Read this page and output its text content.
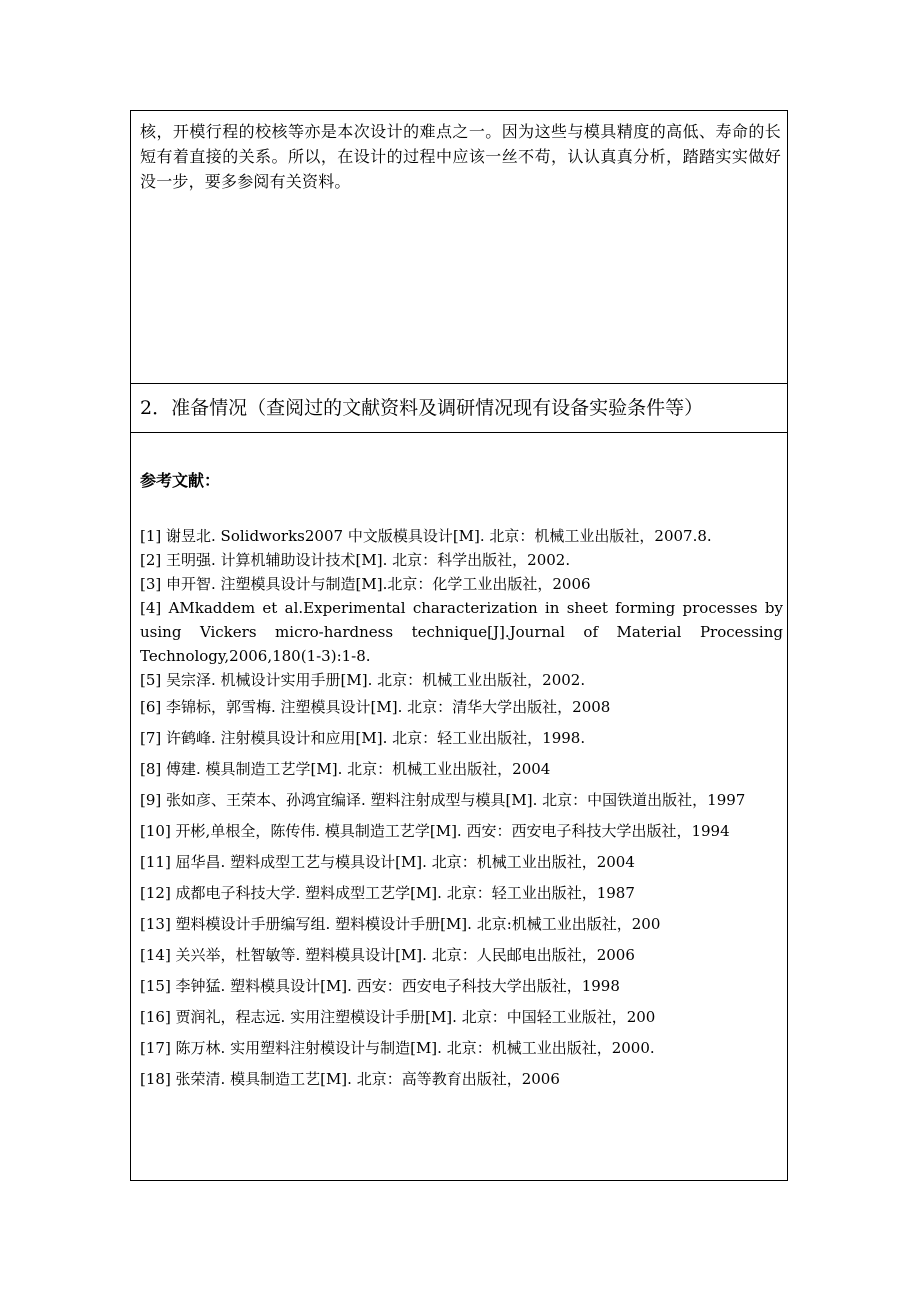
核，开模行程的校核等亦是本次设计的难点之一。因为这些与模具精度的高低、寿命的长短有着直接的关系。所以，在设计的过程中应该一丝不苟，认认真真分析，踏踏实实做好没一步，要多参阅有关资料。
2．准备情况（查阅过的文献资料及调研情况现有设备实验条件等）
参考文献：
[1] 谢昱北. Solidworks2007 中文版模具设计[M]. 北京：机械工业出版社，2007.8.
[2] 王明强. 计算机辅助设计技术[M]. 北京：科学出版社，2002.
[3] 申开智. 注塑模具设计与制造[M].北京：化学工业出版社，2006
[4] AMkaddem et al.Experimental characterization in sheet forming processes by using Vickers micro-hardness technique[J].Journal of Material Processing Technology,2006,180(1-3):1-8.
[5] 吴宗泽. 机械设计实用手册[M]. 北京：机械工业出版社，2002.
[6] 李锦标，郭雪梅. 注塑模具设计[M]. 北京：清华大学出版社，2008
[7] 许鹤峰. 注射模具设计和应用[M]. 北京：轻工业出版社，1998.
[8] 傅建. 模具制造工艺学[M]. 北京：机械工业出版社，2004
[9] 张如彦、王荣本、孙鸿宜编译. 塑料注射成型与模具[M]. 北京：中国铁道出版社，1997
[10] 开彬,单根全，陈传伟. 模具制造工艺学[M]. 西安：西安电子科技大学出版社，1994
[11] 屈华昌. 塑料成型工艺与模具设计[M]. 北京：机械工业出版社，2004
[12] 成都电子科技大学. 塑料成型工艺学[M]. 北京：轻工业出版社，1987
[13] 塑料模设计手册编写组. 塑料模设计手册[M]. 北京:机械工业出版社，200
[14] 关兴举，杜智敏等. 塑料模具设计[M]. 北京：人民邮电出版社，2006
[15] 李钟猛. 塑料模具设计[M]. 西安：西安电子科技大学出版社，1998
[16] 贾润礼，程志远. 实用注塑模设计手册[M]. 北京：中国轻工业版社，200
[17] 陈万林. 实用塑料注射模设计与制造[M]. 北京：机械工业出版社，2000.
[18] 张荣清. 模具制造工艺[M]. 北京：高等教育出版社，2006
